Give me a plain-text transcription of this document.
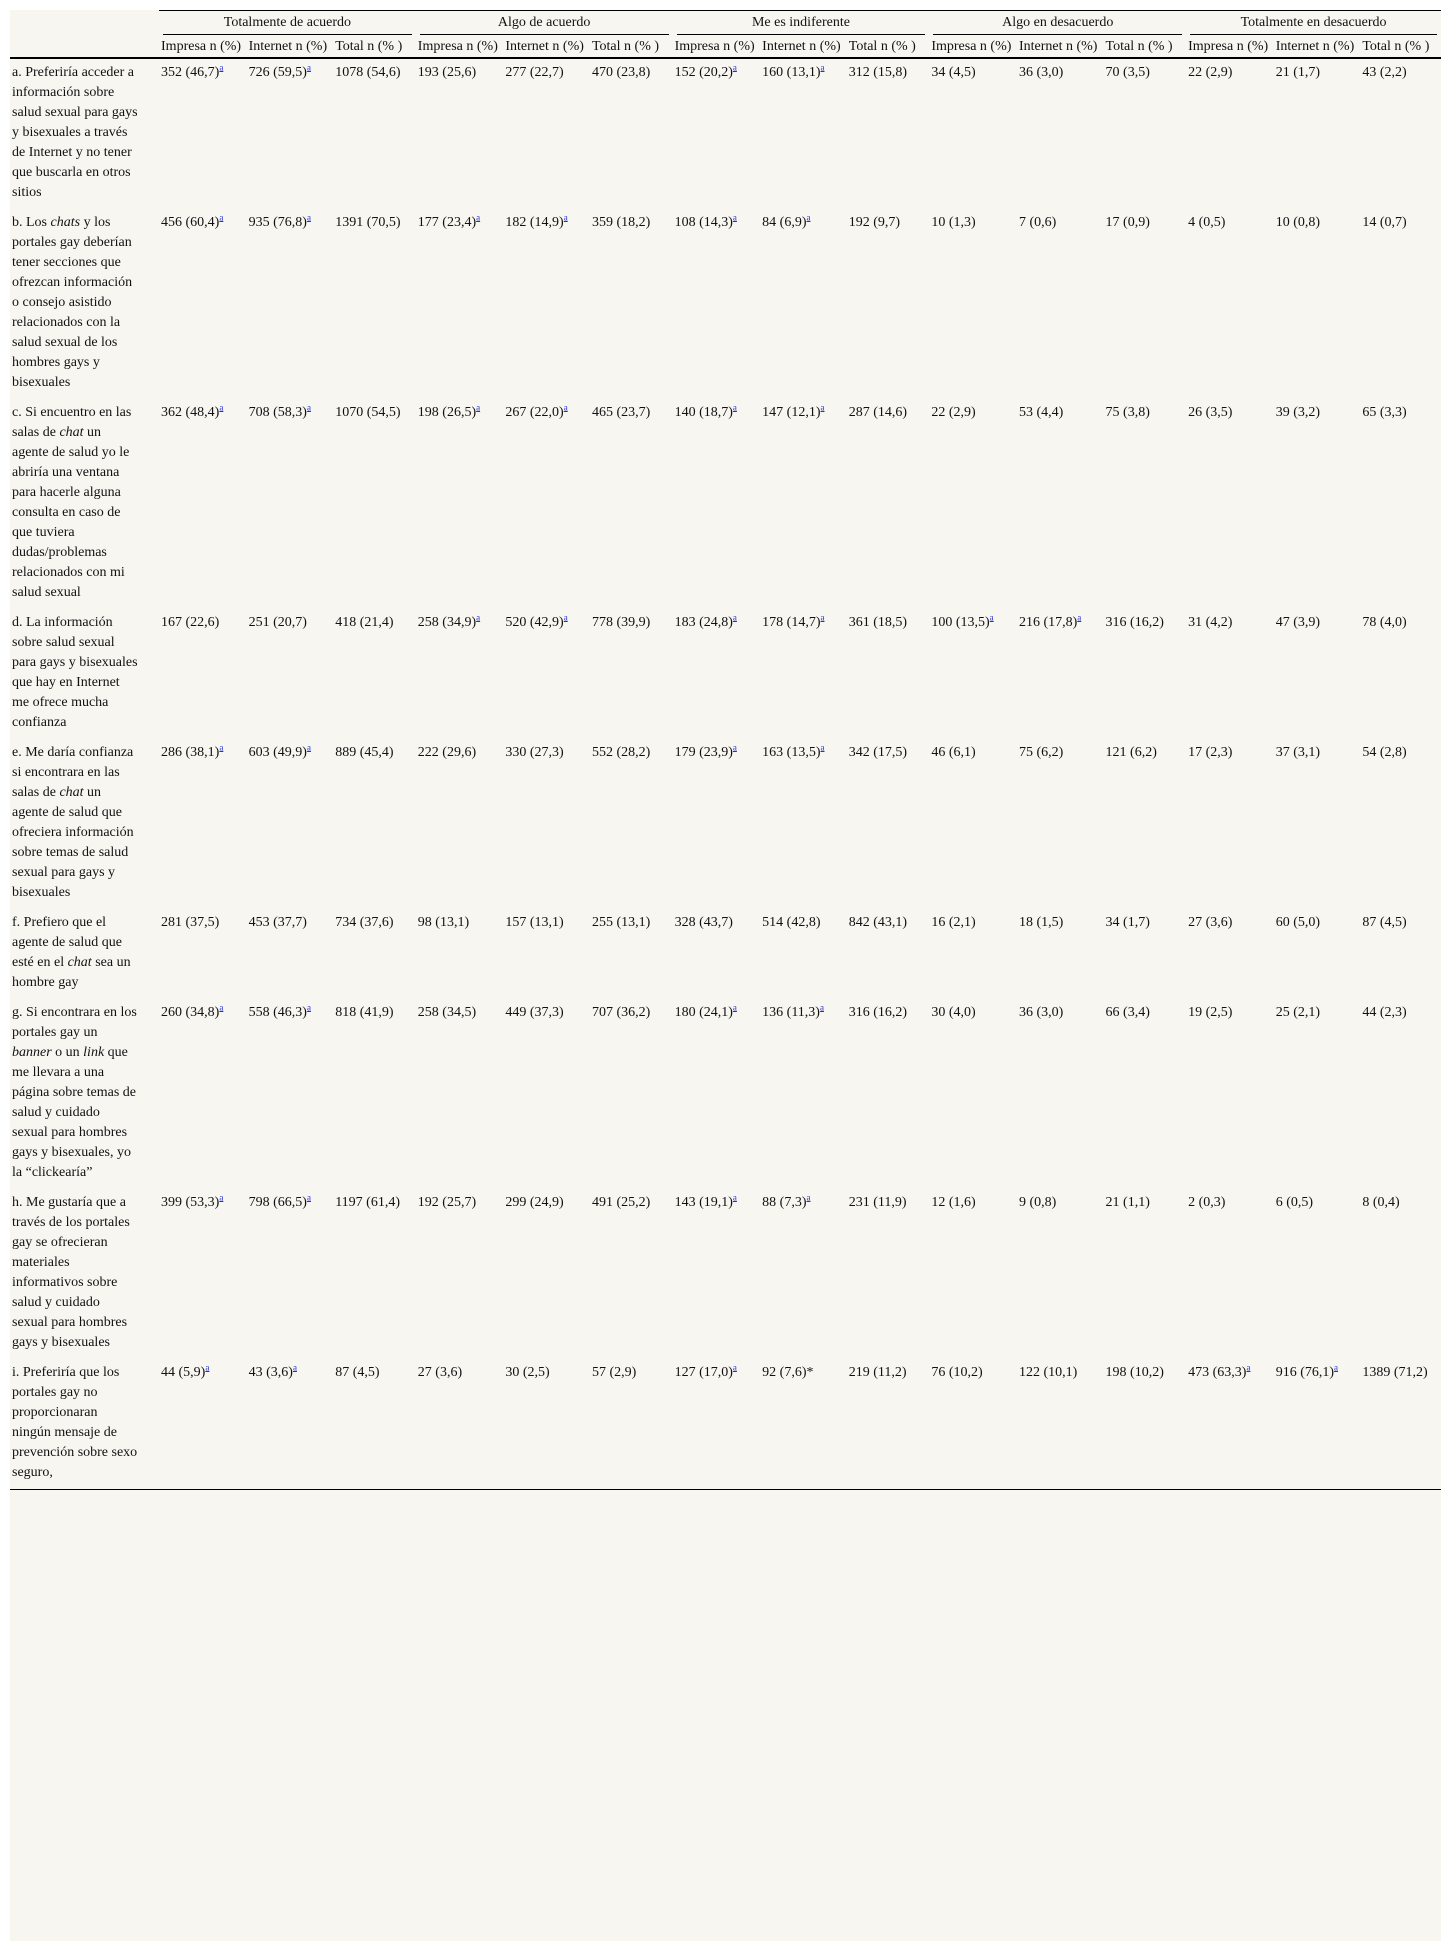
	Totalmente de acuerdo			Algo de acuerdo			Me es indiferente			Algo en desacuerdo			Totalmente en desacuerdo		

	Impresa n (%)	Internet n (%)	Total n (% )	Impresa n (%)	Internet n (%)	Total n (% )	Impresa n (%)	Internet n (%)	Total n (% )	Impresa n (%)	Internet n (%)	Total n (% )	Impresa n (%)	Internet n (%)	Total n (% )
a. Preferiría acceder a información sobre salud sexual para gays y bisexuales a través de Internet y no tener que buscarla en otros sitios	352 $(46,7)^a$	726 $(59,5)^a$	1078 (54,6)	193 (25,6)	277 (22,7)	470 (23,8)	152 $(20,2)^a$	160 $(13,1)^a$	312 (15,8)	34 (4,5)	36 (3,0)	70 (3,5)	22 (2,9)	21 (1,7)	43 (2,2)
b. Los chats y los portales gay deberían tener secciones que ofrezcan información o consejo asistido relacionados con la salud sexual de los hombres gays y bisexuales	456 $(60,4)^a$	935 $(76,8)^a$	1391 (70,5)	177 $(23,4)^a$	182 $(14,9)^a$	359 (18,2)	108 $(14,3)^a$	84 $(6,9)^a$	192 (9,7)	10 (1,3)	7 (0,6)	17 (0,9)	4 (0,5)	10 (0,8)	14 (0,7)
c. Si encuentro en las salas de chat un agente de salud yo le abriría una ventana para hacerle alguna consulta en caso de que tuviera dudas/problemas relacionados con mi salud sexual	362 $(48,4)^a$	708 $(58,3)^a$	1070 (54,5)	198 $(26,5)^a$	267 $(22,0)^a$	465 (23,7)	140 $(18,7)^a$	147 $(12,1)^a$	287 (14,6)	22 (2,9)	53 (4,4)	75 (3,8)	26 (3,5)	39 (3,2)	65 (3,3)
d. La información sobre salud sexual para gays y bisexuales que hay en Internet me ofrece mucha confianza	167 (22,6)	251 (20,7)	418 (21,4)	258 $(34,9)^a$	520 $(42,9)^a$	778 (39,9)	183 $(24,8)^a$	178 $(14,7)^a$	361 (18,5)	100 $(13,5)^a$	216 $(17,8)^a$	316 (16,2)	31 (4,2)	47 (3,9)	78 (4,0)
e. Me daría confianza si encontrara en las salas de chat un agente de salud que ofreciera información sobre temas de salud sexual para gays y bisexuales	286 $(38,1)^a$	603 $(49,9)^a$	889 (45,4)	222 (29,6)	330 (27,3)	552 (28,2)	179 $(23,9)^a$	163 $(13,5)^a$	342 (17,5)	46 (6,1)	75 (6,2)	121 (6,2)	17 (2,3)	37 (3,1)	54 (2,8)
f. Prefiero que el agente de salud que esté en el chat sea un hombre gay	281 (37,5)	453 (37,7)	734 (37,6)	98 (13,1)	157 (13,1)	255 (13,1)	328 (43,7)	514 (42,8)	842 (43,1)	16 (2,1)	18 (1,5)	34 (1,7)	27 (3,6)	60 (5,0)	87 (4,5)
g. Si encontrara en los portales gay un banner o un link que me llevara a una página sobre temas de salud y cuidado sexual para hombres gays y bisexuales, yo la “clickearía”	260 $(34,8)^a$	558 $(46,3)^a$	818 (41,9)	258 (34,5)	449 (37,3)	707 (36,2)	180 $(24,1)^a$	136 $(11,3)^a$	316 (16,2)	30 (4,0)	36 (3,0)	66 (3,4)	19 (2,5)	25 (2,1)	44 (2,3)
h. Me gustaría que a través de los portales gay se ofrecieran materiales informativos sobre salud y cuidado sexual para hombres gays y bisexuales	399 $(53,3)^a$	798 $(66,5)^a$	1197 (61,4)	192 (25,7)	299 (24,9)	491 (25,2)	143 $(19,1)^a$	88 $(7,3)^a$	231 (11,9)	12 (1,6)	9 (0,8)	21 (1,1)	2 (0,3)	6 (0,5)	8 (0,4)
i. Preferiría que los portales gay no proporcionaran ningún mensaje de prevención sobre sexo seguro,	44 $(5,9)^a$	43 $(3,6)^a$	87 (4,5)	27 (3,6)	30 (2,5)	57 (2,9)	127 $(17,0)^a$	92 (7,6)*	219 (11,2)	76 (10,2)	122 (10,1)	198 (10,2)	473 $(63,3)^a$	916 $(76,1)^a$	1389 (71,2)
